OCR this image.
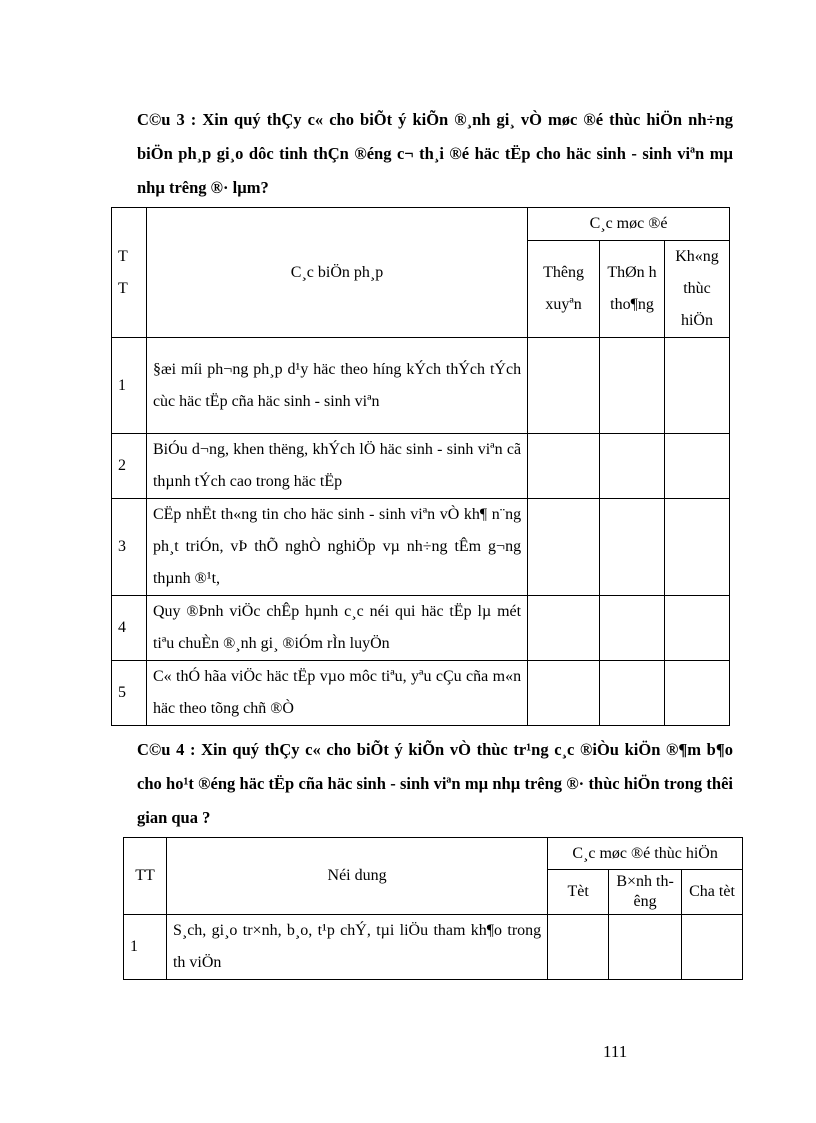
C©u 3 : Xin quý thÇy c« cho biÕt ý kiÕn ®¸nh gi¸ vÒ møc ®é thùc hiÖn nh÷ng biÖn ph¸p gi¸o dôc tinh thÇn ®éng c¬ th¸i ®é häc tËp cho häc sinh - sinh viªn mµ nhµ trêng ®· lµm?

T T	C¸c biÖn ph¸p	C¸c møc ®é		
		Thêng xuyªn	ThØn h tho¶ng	Kh«ng thùc hiÖn
1	§æi míi ph¬ng ph¸p d¹y häc theo híng kÝch thÝch tÝch cùc häc tËp cña häc sinh - sinh viªn			
2	BiÓu d¬ng, khen thëng, khÝch lÖ häc sinh - sinh viªn cã thµnh tÝch cao trong häc tËp			
3	CËp nhËt th«ng tin cho häc sinh - sinh viªn vÒ kh¶ n¨ng ph¸t triÓn, vÞ thÕ nghÒ nghiÖp vµ nh÷ng tÊm g¬ng thµnh ®¹t,			
4	Quy ®Þnh viÖc chÊp hµnh c¸c néi qui häc tËp lµ mét tiªu chuÈn ®¸nh gi¸ ®iÓm rÌn luyÖn			
5	C« thÓ hãa viÖc häc tËp vµo môc tiªu, yªu cÇu cña m«n häc theo tõng chñ ®Ò			

C©u 4 : Xin quý thÇy c« cho biÕt ý kiÕn vÒ thùc tr¹ng c¸c ®iÒu kiÖn ®¶m b¶o cho ho¹t ®éng häc tËp cña häc sinh - sinh viªn mµ nhµ trêng ®· thùc hiÖn trong thêi gian qua ?

TT	Néi dung	C¸c møc ®é thùc hiÖn		
		Tèt	B×nh thêng	Cha tèt
1	S¸ch, gi¸o tr×nh, b¸o, t¹p chÝ, tµi liÖu tham kh¶o trong th viÖn			
111
